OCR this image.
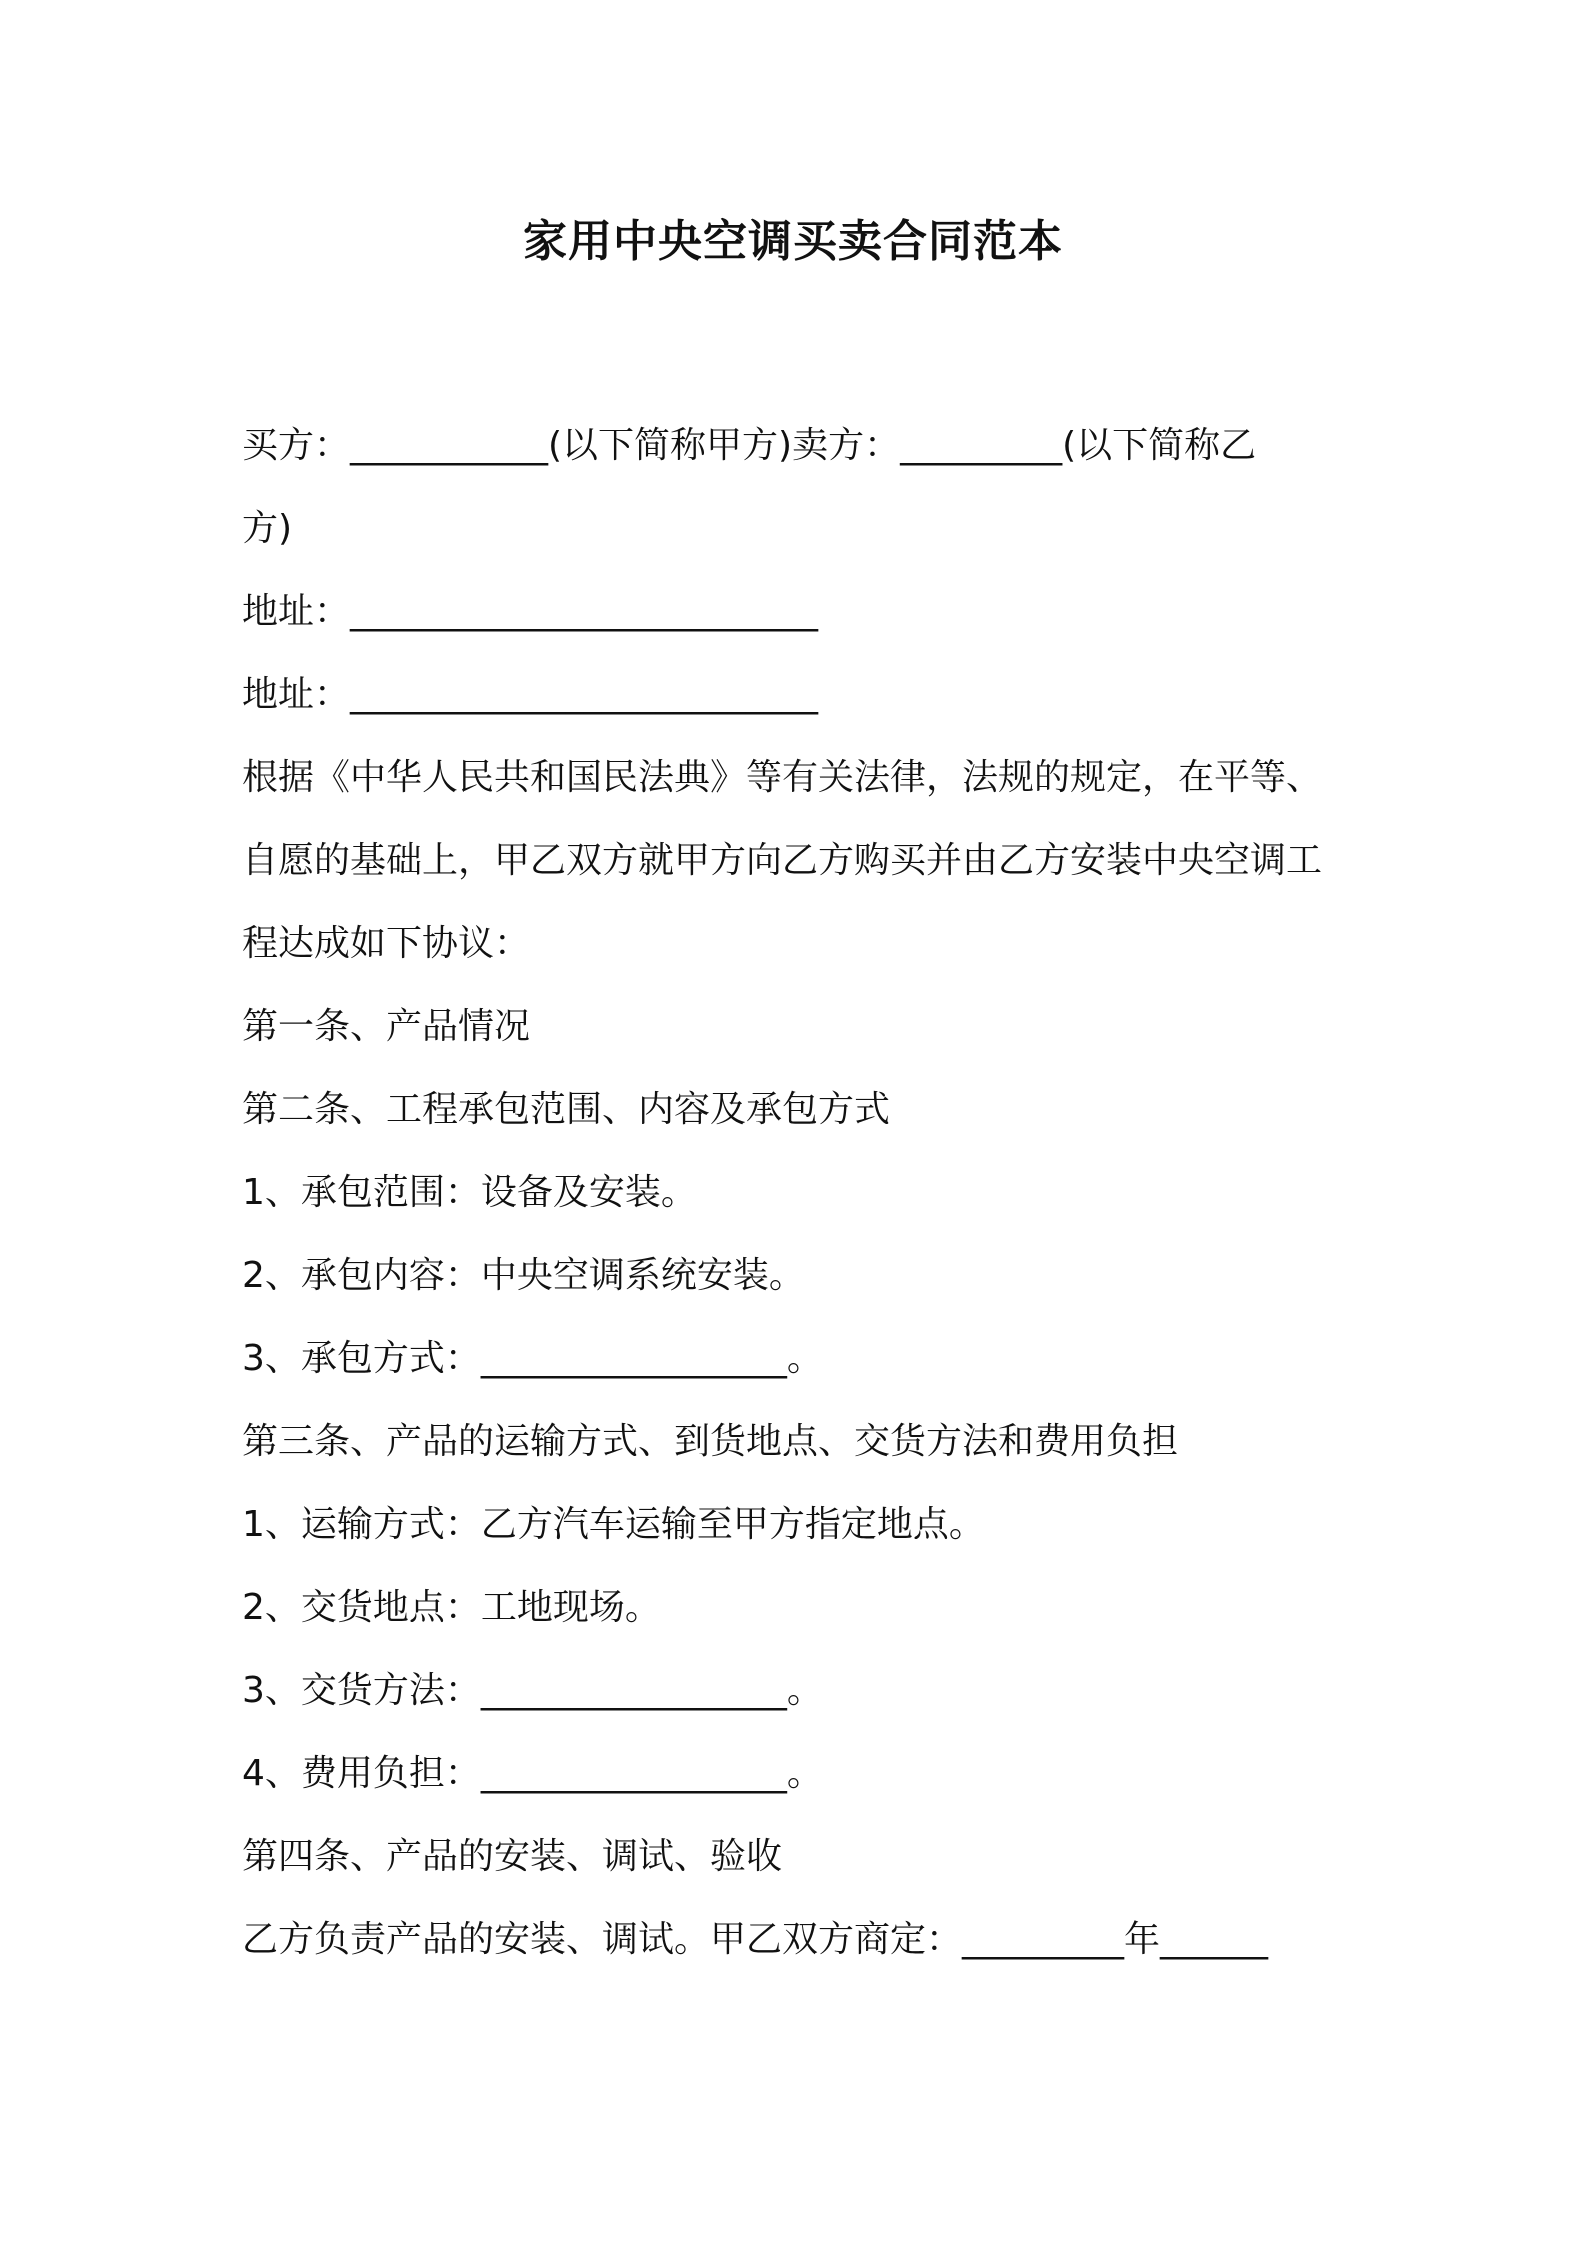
家用中央空调买卖合同范本
买方：___________(以下简称甲方)卖方：_________(以下简称乙
方)
地址：__________________________
地址：__________________________
根据《中华人民共和国民法典》等有关法律，法规的规定，在平等、
自愿的基础上，甲乙双方就甲方向乙方购买并由乙方安装中央空调工
程达成如下协议：
第一条、产品情况
第二条、工程承包范围、内容及承包方式
1、承包范围：设备及安装。
2、承包内容：中央空调系统安装。
3、承包方式：_________________。
第三条、产品的运输方式、到货地点、交货方法和费用负担
1、运输方式：乙方汽车运输至甲方指定地点。
2、交货地点：工地现场。
3、交货方法：_________________。
4、费用负担：_________________。
第四条、产品的安装、调试、验收
乙方负责产品的安装、调试。甲乙双方商定：_________年______
